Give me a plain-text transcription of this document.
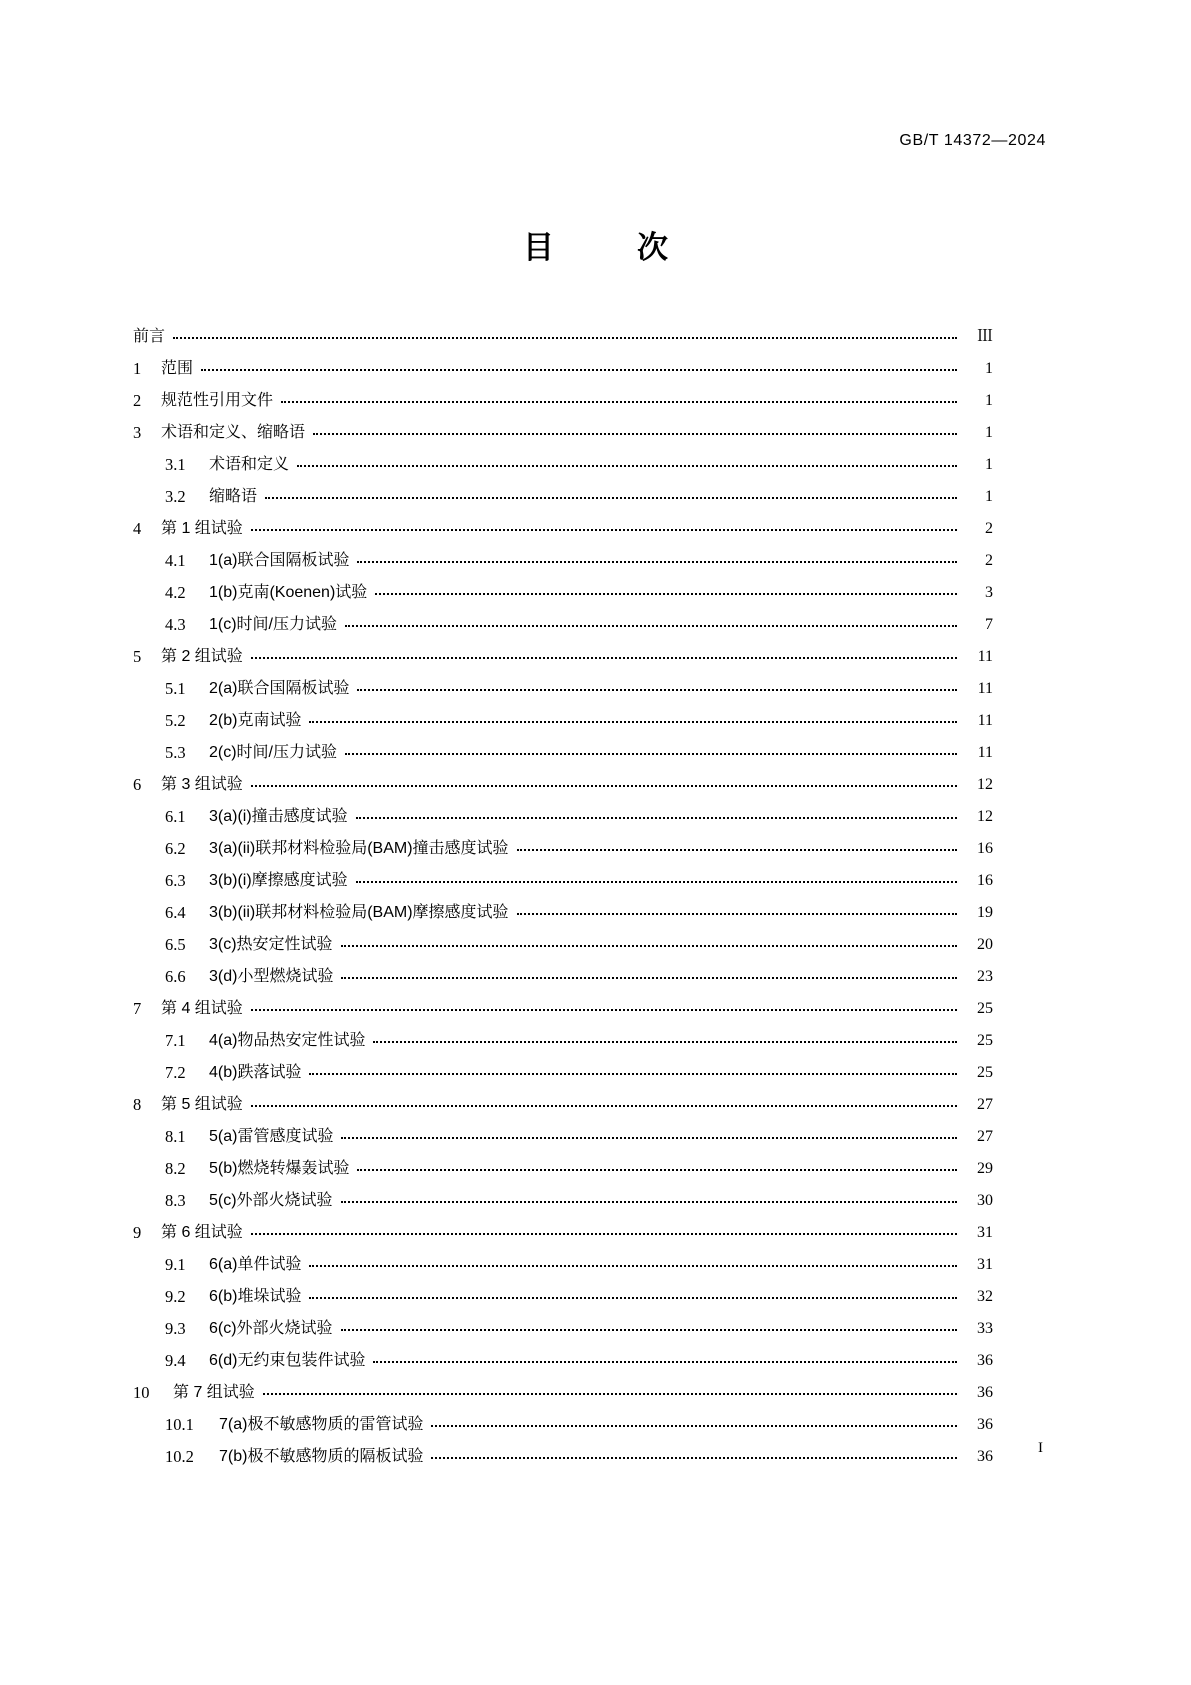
GB/T 14372—2024
目　次
前言	Ⅲ
1	范围	1
2	规范性引用文件	1
3	术语和定义、缩略语	1
3.1	术语和定义	1
3.2	缩略语	1
4	第 1 组试验	2
4.1	1(a)联合国隔板试验	2
4.2	1(b)克南(Koenen)试验	3
4.3	1(c)时间/压力试验	7
5	第 2 组试验	11
5.1	2(a)联合国隔板试验	11
5.2	2(b)克南试验	11
5.3	2(c)时间/压力试验	11
6	第 3 组试验	12
6.1	3(a)(i)撞击感度试验	12
6.2	3(a)(ii)联邦材料检验局(BAM)撞击感度试验	16
6.3	3(b)(i)摩擦感度试验	16
6.4	3(b)(ii)联邦材料检验局(BAM)摩擦感度试验	19
6.5	3(c)热安定性试验	20
6.6	3(d)小型燃烧试验	23
7	第 4 组试验	25
7.1	4(a)物品热安定性试验	25
7.2	4(b)跌落试验	25
8	第 5 组试验	27
8.1	5(a)雷管感度试验	27
8.2	5(b)燃烧转爆轰试验	29
8.3	5(c)外部火烧试验	30
9	第 6 组试验	31
9.1	6(a)单件试验	31
9.2	6(b)堆垛试验	32
9.3	6(c)外部火烧试验	33
9.4	6(d)无约束包装件试验	36
10	第 7 组试验	36
10.1	7(a)极不敏感物质的雷管试验	36
10.2	7(b)极不敏感物质的隔板试验	36	I
